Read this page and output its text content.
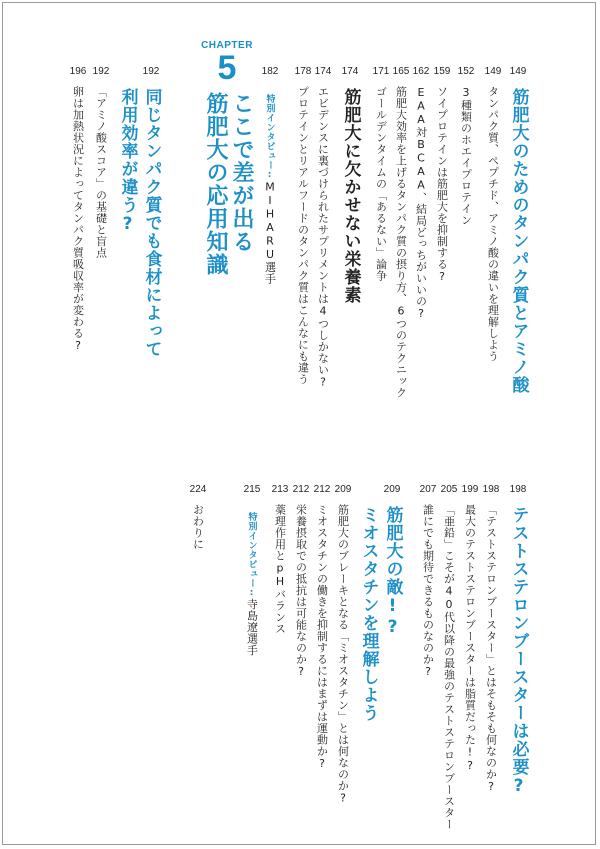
149
筋肥大のためのタンパク質とアミノ酸
149
タンパク質、ペプチド、アミノ酸の違いを理解しよう
152
3種類のホエイプロテイン
159
ソイプロテインは筋肥大を抑制する?
162
EAA対BCAA、結局どっちがいいの?
165
筋肥大効率を上げるタンパク質の摂り方、6つのテクニック
171
ゴールデンタイムの「あるない」論争
174
筋肥大に欠かせない栄養素
174
エビデンスに裏づけられたサプリメントは4つしかない?
178
プロテインとリアルフードのタンパク質はこんなにも違う
182
特別インタビュー:MIHARU選手
192
同じタンパク質でも食材によって
利用効率が違う?
192
「アミノ酸スコア」の基礎と盲点
196
卵は加熱状況によってタンパク質吸収率が変わる?
CHAPTER
5
ここで差が出る
筋肥大の応用知識
198
テストステロンブースターは必要?
198
「テストステロンブースター」とはそもそも何なのか?
199
最大のテストステロンブースターは脂質だった!?
205
「亜鉛」こそが40代以降の最強のテストステロンブースター
207
誰にでも期待できるものなのか?
209
筋肥大の敵!?
ミオスタチンを理解しよう
209
筋肥大のブレーキとなる「ミオスタチン」とは何なのか?
212
ミオスタチンの働きを抑制するにはまずは運動か?
212
栄養摂取での抵抗は可能なのか?
213
薬理作用とpHバランス
215
特別インタビュー:寺島遼選手
224
おわりに
